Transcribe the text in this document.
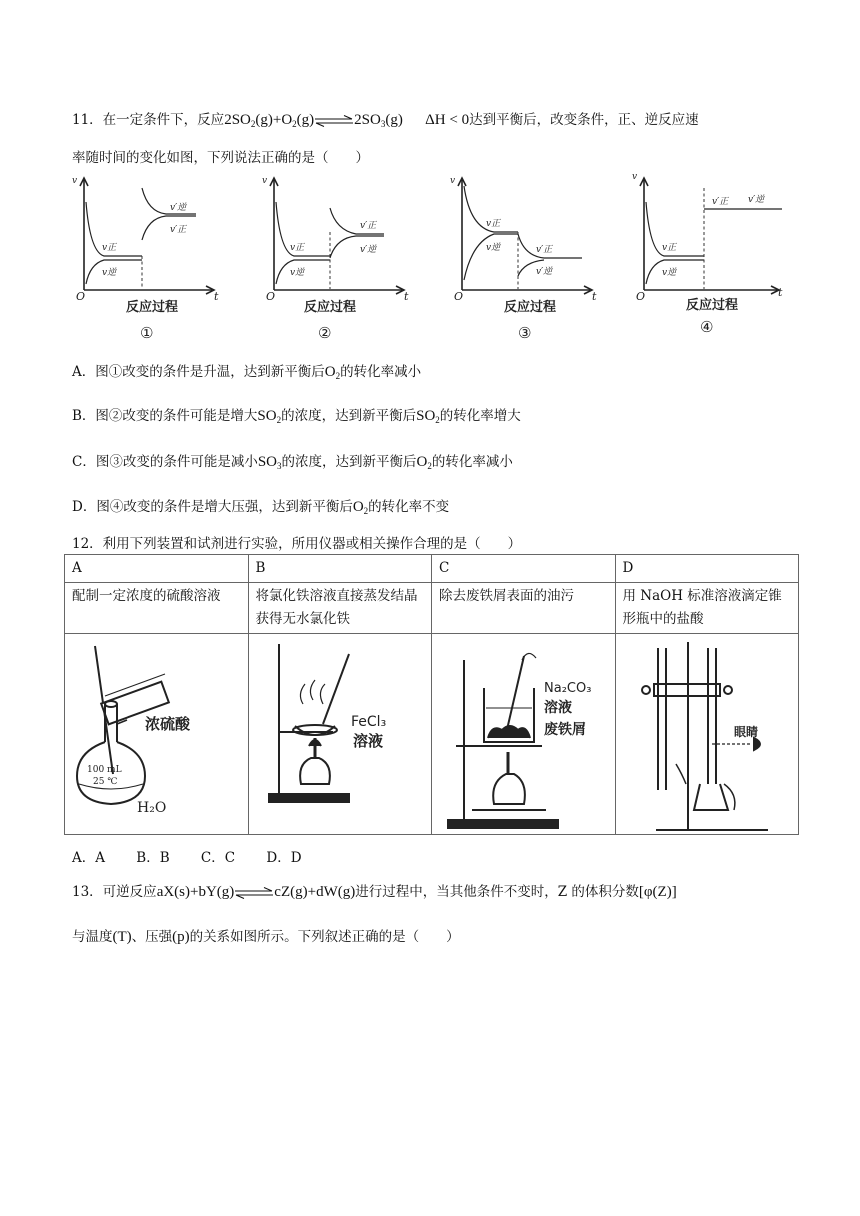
11．在一定条件下，反应$2SO_2(g)+O_2(g)\rightleftharpoons 2SO_3(g) \Delta H < 0$达到平衡后，改变条件，正、逆反应速
率随时间的变化如图，下列说法正确的是（　　）
v
v正
v逆
v′逆
v′正
O	t
反应过程
①
v
v正
v逆
v′正
v′逆
O	t
反应过程
②
v
v正
v逆	v′正
v′逆
O	t
反应过程
③
v
v正
v逆
v′正 v′逆
O	t
反应过程
④
A．图①改变的条件是升温，达到新平衡后$O_2$的转化率减小
B．图②改变的条件可能是增大$SO_2$的浓度，达到新平衡后$SO_2$的转化率增大
C．图③改变的条件可能是减小$SO_3$的浓度，达到新平衡后$O_2$的转化率减小
D．图④改变的条件是增大压强，达到新平衡后$O_2$的转化率不变
12．利用下列装置和试剂进行实验，所用仪器或相关操作合理的是（　　）
A	B	C	D
配制一定浓度的硫酸溶液	将氯化铁溶液直接蒸发结晶获得无水氯化铁	除去废铁屑表面的油污	用 NaOH 标准溶液滴定锥形瓶中的盐酸

浓硫酸
100 mL
25 ℃
H₂O	FeCl₃
溶液	Na₂CO₃
溶液
废铁屑	眼睛
A．A　　 B．B　　 C．C　　 D．D
13．可逆反应aX(s)+bY(g)⇌cZ(g)+dW(g)进行过程中，当其他条件不变时，Z 的体积分数[φ(Z)]
与温度(T)、压强(p)的关系如图所示。下列叙述正确的是（　　）
